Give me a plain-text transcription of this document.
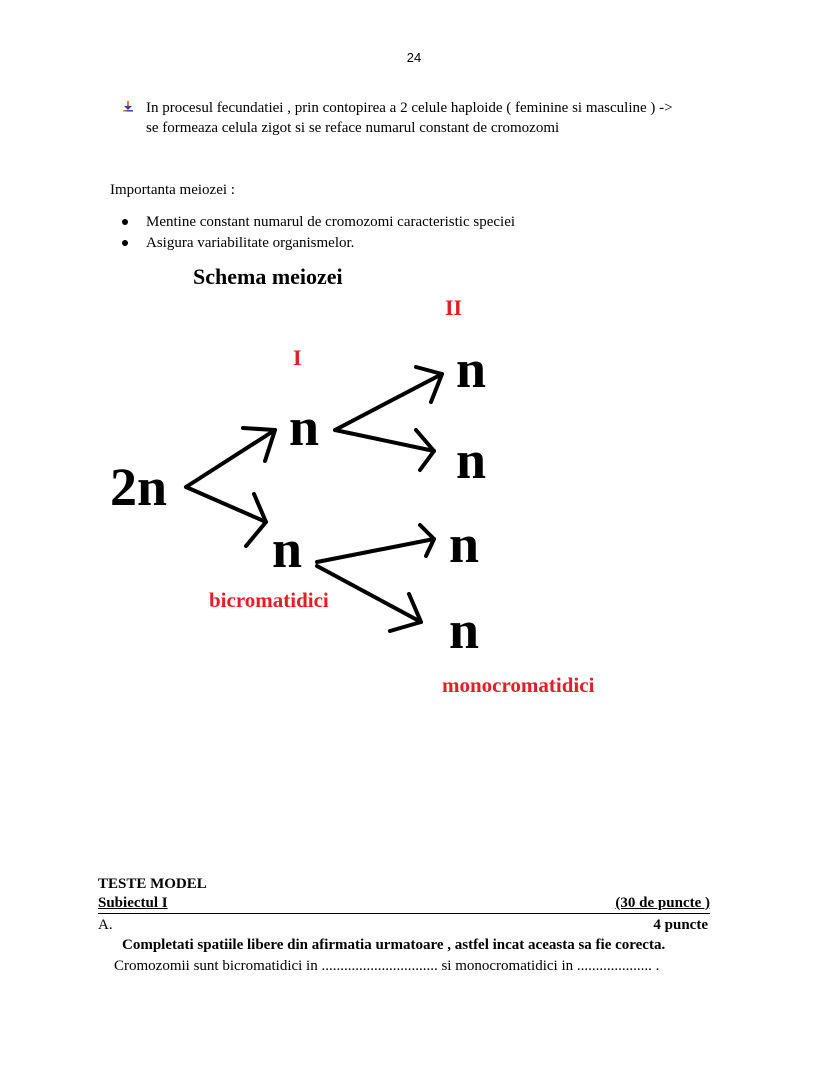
24
In procesul fecundatiei , prin contopirea a 2 celule haploide ( feminine si masculine ) ->
se formeaza celula zigot si se reface numarul constant de cromozomi
Importanta meiozei :
Mentine constant numarul de cromozomi caracteristic speciei
Asigura variabilitate organismelor.
Schema meiozei
II
I
2n
n
n
n
n
n
n
bicromatidici
monocromatidici
TESTE MODEL
Subiectul I	(30 de puncte )
A.	4 puncte
Completati spatiile libere din afirmatia urmatoare , astfel incat aceasta sa fie corecta.
Cromozomii sunt bicromatidici in ............................... si monocromatidici in .................... .
